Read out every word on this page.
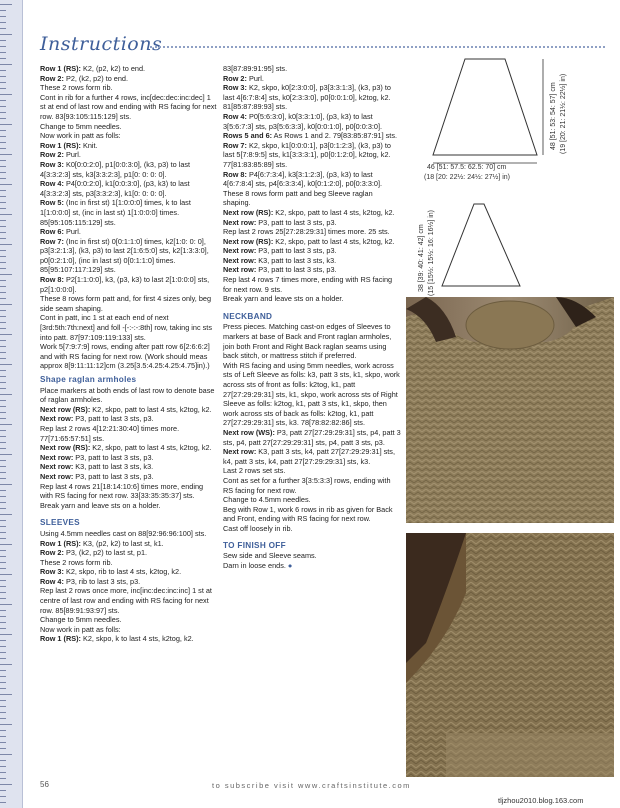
Instructions

Row 1 (RS): K2, (p2, k2) to end.

Row 2: P2, (k2, p2) to end.

These 2 rows form rib.

Cont in rib for a further 4 rows, inc[dec:dec:inc:dec] 1 st at end of last row and ending with RS facing for next row. 83[93:105:115:129] sts.

Change to 5mm needles.

Now work in patt as folls:

Row 1 (RS): Knit.

Row 2: Purl.

Row 3: K0[0:0:2:0], p1[0:0:3:0], (k3, p3) to last 4[3:3:2:3] sts, k3[3:3:2:3], p1[0: 0: 0: 0].

Row 4: P4[0:0:2:0], k1[0:0:3:0], (p3, k3) to last 4[3:3:2:3] sts, p3[3:3:2:3], k1[0: 0: 0: 0].

Row 5: (Inc in first st) 1[1:0:0:0] times, k to last 1[1:0:0:0] st, (inc in last st) 1[1:0:0:0] times. 85[95:105:115:129] sts.

Row 6: Purl.

Row 7: (Inc in first st) 0[0:1:1:0] times, k2[1:0: 0: 0], p3[3:2:1:3], (k3, p3) to last 2[1:6:5:0] sts, k2[1:3:3:0], p0[0:2:1:0], (inc in last st) 0[0:1:1:0] times. 85[95:107:117:129] sts.

Row 8: P2[1:1:0:0], k3, (p3, k3) to last 2[1:0:0:0] sts, p2[1:0:0:0].

These 8 rows form patt and, for first 4 sizes only, beg side seam shaping.

Cont in patt, inc 1 st at each end of next [3rd:5th:7th:next] and foll -[-:-:-:8th] row, taking inc sts into patt. 87[97:109:119:133] sts.

Work 5[7:9:7:9] rows, ending after patt row 6[2:6:6:2] and with RS facing for next row. (Work should meas approx 8[9:11:11:12]cm (3.25[3.5:4.25:4.25:4.75]in).)

Shape raglan armholes

Place markers at both ends of last row to denote base of raglan armholes.

Next row (RS): K2, skpo, patt to last 4 sts, k2tog, k2.

Next row: P3, patt to last 3 sts, p3.

Rep last 2 rows 4[12:21:30:40] times more. 77[71:65:57:51] sts.

Next row (RS): K2, skpo, patt to last 4 sts, k2tog, k2.

Next row: P3, patt to last 3 sts, p3.

Next row: K3, patt to last 3 sts, k3.

Next row: P3, patt to last 3 sts, p3.

Rep last 4 rows 21[18:14:10:6] times more, ending with RS facing for next row. 33[33:35:35:37] sts.

Break yarn and leave sts on a holder.

SLEEVES

Using 4.5mm needles cast on 88[92:96:96:100] sts.

Row 1 (RS): K3, (p2, k2) to last st, k1.

Row 2: P3, (k2, p2) to last st, p1.

These 2 rows form rib.

Row 3: K2, skpo, rib to last 4 sts, k2tog, k2.

Row 4: P3, rib to last 3 sts, p3.

Rep last 2 rows once more, inc[inc:dec:inc:inc] 1 st at centre of last row and ending with RS facing for next row. 85[89:91:93:97] sts.

Change to 5mm needles.

Now work in patt as folls:

Row 1 (RS): K2, skpo, k to last 4 sts, k2tog, k2.

83[87:89:91:95] sts.

Row 2: Purl.

Row 3: K2, skpo, k0[2:3:0:0], p3[3:3:1:3], (k3, p3) to last 4[6:7:8:4] sts, k0[2:3:3:0], p0[0:0:1:0], k2tog, k2. 81[85:87:89:93] sts.

Row 4: P0[5:6:3:0], k0[3:3:1:0], (p3, k3) to last 3[5:6:7:3] sts, p3[5:6:3:3], k0[0:0:1:0], p0[0:0:3:0].

Rows 5 and 6: As Rows 1 and 2. 79[83:85:87:91] sts.

Row 7: K2, skpo, k1[0:0:0:1], p3[0:1:2:3], (k3, p3) to last 5[7:8:9:5] sts, k1[3:3:3:1], p0[0:1:2:0], k2tog, k2. 77[81:83:85:89] sts.

Row 8: P4[6:7:3:4], k3[3:1:2:3], (p3, k3) to last 4[6:7:8:4] sts, p4[6:3:3:4], k0[0:1:2:0], p0[0:3:3:0].

These 8 rows form patt and beg Sleeve raglan shaping.

Next row (RS): K2, skpo, patt to last 4 sts, k2tog, k2.

Next row: P3, patt to last 3 sts, p3.

Rep last 2 rows 25[27:28:29:31] times more. 25 sts.

Next row (RS): K2, skpo, patt to last 4 sts, k2tog, k2.

Next row: P3, patt to last 3 sts, p3.

Next row: K3, patt to last 3 sts, k3.

Next row: P3, patt to last 3 sts, p3.

Rep last 4 rows 7 times more, ending with RS facing for next row. 9 sts.

Break yarn and leave sts on a holder.

NECKBAND

Press pieces. Matching cast-on edges of Sleeves to markers at base of Back and Front raglan armholes, join both Front and Right Back raglan seams using back stitch, or mattress stitch if preferred.

With RS facing and using 5mm needles, work across sts of Left Sleeve as folls: k3, patt 3 sts, k1, skpo, work across sts of front as folls: k2tog, k1, patt 27[27:29:29:31] sts, k1, skpo, work across sts of Right Sleeve as folls: k2tog, k1, patt 3 sts, k1, skpo, then work across sts of back as folls: k2tog, k1, patt 27[27:29:29:31] sts, k3. 78[78:82:82:86] sts.

Next row (WS): P3, patt 27[27:29:29:31] sts, p4, patt 3 sts, p4, patt 27[27:29:29:31] sts, p4, patt 3 sts, p3.

Next row: K3, patt 3 sts, k4, patt 27[27:29:29:31] sts, k4, patt 3 sts, k4, patt 27[27:29:29:31] sts, k3.

Last 2 rows set sts.

Cont as set for a further 3[3:5:3:3] rows, ending with RS facing for next row.

Change to 4.5mm needles.

Beg with Row 1, work 6 rows in rib as given for Back and Front, ending with RS facing for next row.

Cast off loosely in rib.

TO FINISH OFF

Sew side and Sleeve seams.

Darn in loose ends. ●

46 [51: 57.5: 62.5: 70] cm
(18 [20: 22½: 24½: 27½] in)
48 [51: 53: 54: 57] cm (19 [20: 21: 21½: 22½] in)
38 [39: 40: 41: 42] cm (15 [15½: 15½: 16: 16½] in)
56	to subscribe visit www.craftsinstitute.com
tljzhou2010.blog.163.com
